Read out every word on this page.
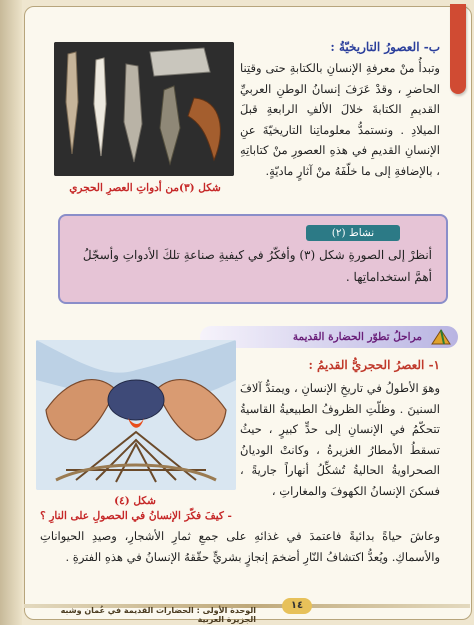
شكل (٣)من أدواتِ العصرِ الحجري
ب- العصورُ التاريخيّةُ :
وتبدأُ منْ معرفةِ الإنسانِ بالكتابةِ حتى وقتِنا الحاضرِ ، وقدْ عَرَفَ إنسانُ الوطنِ العربيِّ القديمِ الكتابةَ خلالَ الألفِ الرابعةِ قبلَ الميلادِ . ونستمدُّ معلوماتِنا التاريخيّةَ عنِ الإنسانِ القديمِ في هذهِ العصورِ منْ كتاباتِهِ ، بالإضافةِ إلى ما خلّفَهُ منْ آثارٍ ماديّةٍ.
نشاط (٢)
أنظرْ إلى الصورةِ شكل (٣) وأفكّرُ في كيفيةِ صناعةِ تلكَ الأدواتِ وأسجّلُ أهمَّ استخداماتِها .
مراحلُ تطوّر الحضارة القديمة
شكل (٤)
- كيفَ فكّرَ الإنسانُ في الحصولِ على النارِ ؟
١- العصرُ الحجريُّ القديمُ :
وهوَ الأطولُ في تاريخِ الإنسانِ ، ويمتدُّ آلافَ السنينَ . وظلّتِ الظروفُ الطبيعيةُ القاسيةُ تتحكّمُ في الإنسانِ إلى حدٍّ كبيرٍ ، حيثُ تسقطُ الأمطارُ الغزيرةُ ، وكانتْ الوديانُ الصحراويةُ الحاليةُ تُشكِّلُ أنهاراً جاريةً ، فسكنَ الإنسانُ الكهوفَ والمغاراتِ ،
وعاشَ حياةً بدائيةً فاعتمدَ في غذائهِ على جمعِ ثمارِ الأشجارِ، وصيدِ الحيواناتِ والأسماكِ. ويُعدُّ اكتشافُ النّارِ أضخمَ إنجازٍ بشريٍّ حقّقهُ الإنسانُ في هذهِ الفترةِ .
١٤
الوحدة الأولى : الحضارات القديمة في عُمان وشبه الجزيرة العربية
